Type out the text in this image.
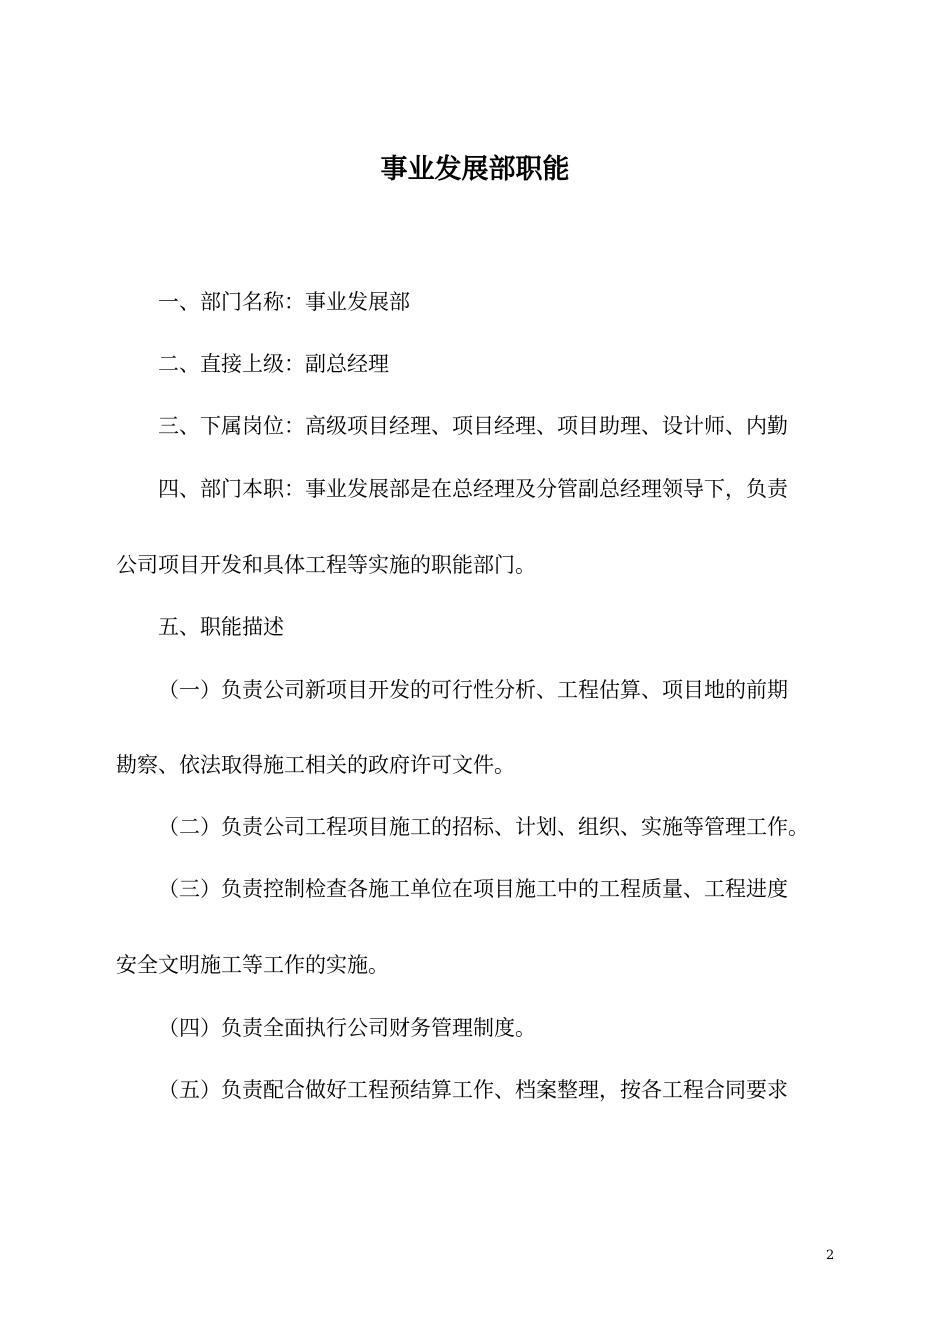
事业发展部职能
一、部门名称：事业发展部
二、直接上级：副总经理
三、下属岗位：高级项目经理、项目经理、项目助理、设计师、内勤
四、部门本职：事业发展部是在总经理及分管副总经理领导下，负责
公司项目开发和具体工程等实施的职能部门。
五、职能描述
（一）负责公司新项目开发的可行性分析、工程估算、项目地的前期
勘察、依法取得施工相关的政府许可文件。
（二）负责公司工程项目施工的招标、计划、组织、实施等管理工作。
（三）负责控制检查各施工单位在项目施工中的工程质量、工程进度
安全文明施工等工作的实施。
（四）负责全面执行公司财务管理制度。
（五）负责配合做好工程预结算工作、档案整理，按各工程合同要求
2
